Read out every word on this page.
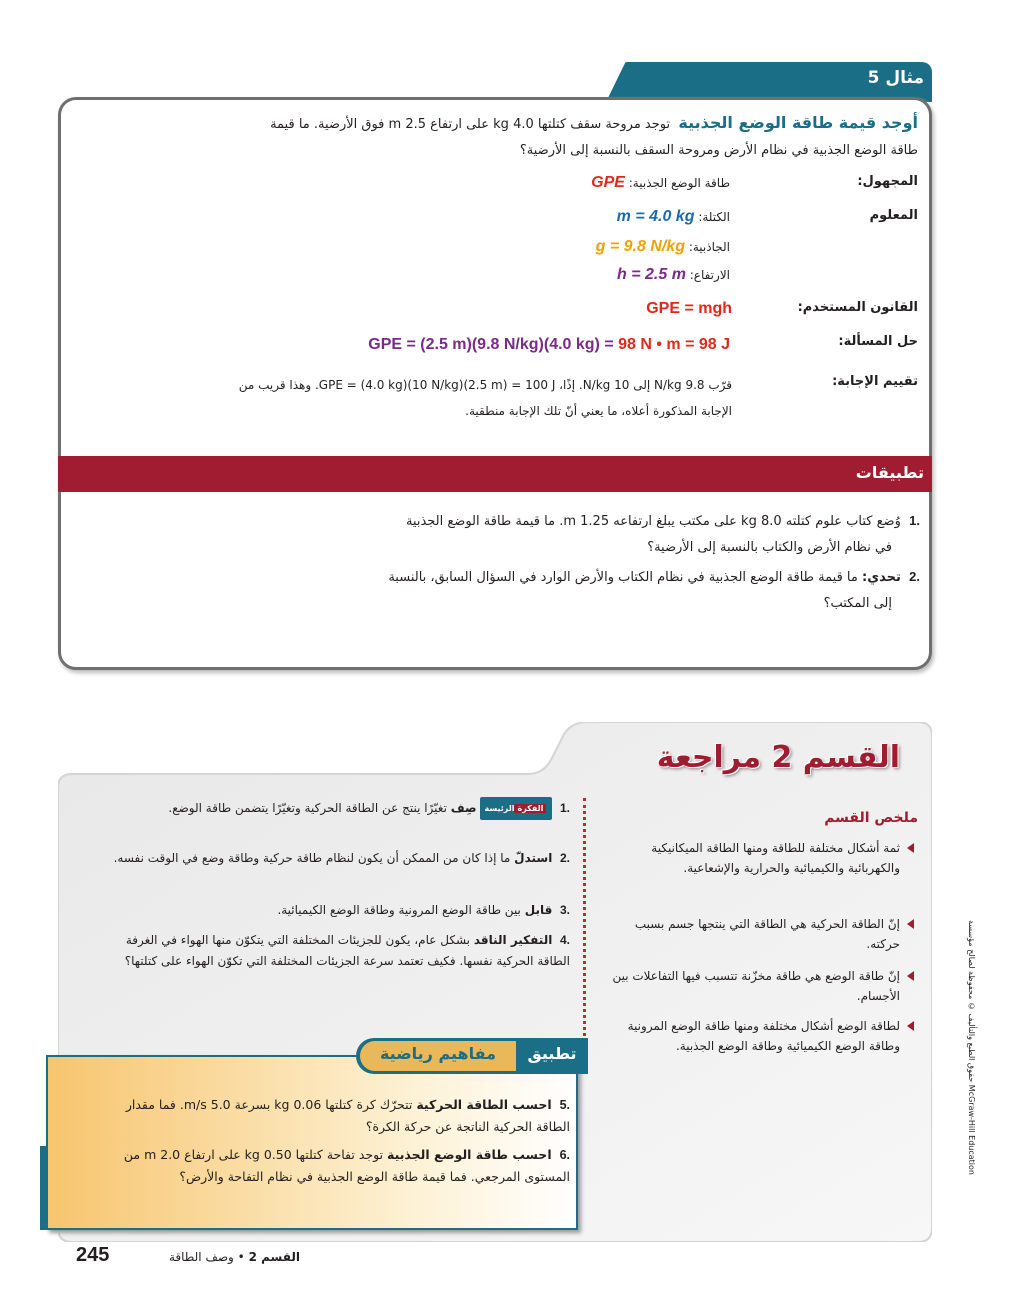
مثال 5
أوجد قيمة طاقة الوضع الجذبية  توجد مروحة سقف كتلتها 4.0 kg على ارتفاع 2.5 m فوق الأرضية. ما قيمة
طاقة الوضع الجذبية في نظام الأرض ومروحة السقف بالنسبة إلى الأرضية؟
المجهول:
طاقة الوضع الجذبية: GPE
المعلوم
الكتلة: m = 4.0 kg
الجاذبية: g = 9.8 N/kg
الارتفاع: h = 2.5 m
القانون المستخدم:
GPE = mgh
حل المسألة:
GPE = (2.5 m)(9.8 N/kg)(4.0 kg) = 98 N • m = 98 J
تقييم الإجابة:
قرّب 9.8 N/kg إلى 10 N/kg. إذًا، GPE = (4.0 kg)(10 N/kg)(2.5 m) = 100 J. وهذا قريب من
الإجابة المذكورة أعلاه، ما يعني أنّ تلك الإجابة منطقية.
تطبيقات
.1  وُضع كتاب علوم كتلته 8.0 kg على مكتب يبلغ ارتفاعه 1.25 m. ما قيمة طاقة الوضع الجذبية
في نظام الأرض والكتاب بالنسبة إلى الأرضية؟
.2  تحدي: ما قيمة طاقة الوضع الجذبية في نظام الكتاب والأرض الوارد في السؤال السابق، بالنسبة
إلى المكتب؟
القسم 2 مراجعة
ملخص القسم
ثمة أشكال مختلفة للطاقة ومنها الطاقة الميكانيكية والكهربائية والكيميائية والحرارية والإشعاعية.
إنّ الطاقة الحركية هي الطاقة التي ينتجها جسم بسبب حركته.
إنّ طاقة الوضع هي طاقة مخزّنة تتسبب فيها التفاعلات بين الأجسام.
لطاقة الوضع أشكال مختلفة ومنها طاقة الوضع المرونية وطاقة الوضع الكيميائية وطاقة الوضع الجذبية.
.1  الفكرةالرئيسة صِف تغيّرًا ينتج عن الطاقة الحركية وتغيّرًا يتضمن طاقة الوضع.
.2  استدلّ ما إذا كان من الممكن أن يكون لنظام طاقة حركية وطاقة وضع في الوقت نفسه.
.3  قابل بين طاقة الوضع المرونية وطاقة الوضع الكيميائية.
.4  التفكير الناقد بشكل عام، يكون للجزيئات المختلفة التي يتكوّن منها الهواء في الغرفة الطاقة الحركية نفسها. فكيف تعتمد سرعة الجزيئات المختلفة التي تكوّن الهواء على كتلتها؟
تطبيق
مفاهيم رياضية
.5  احسب الطاقة الحركية تتحرّك كرة كتلتها 0.06 kg بسرعة 5.0 m/s. فما مقدار الطاقة الحركية الناتجة عن حركة الكرة؟
.6  احسب طاقة الوضع الجذبية توجد تفاحة كتلتها 0.50 kg على ارتفاع 2.0 m من المستوى المرجعي. فما قيمة طاقة الوضع الجذبية في نظام التفاحة والأرض؟
حقوق الطبع والتأليف © محفوظة لصالح مؤسسة McGraw-Hill Education
245	القسم 2 • وصف الطاقة
